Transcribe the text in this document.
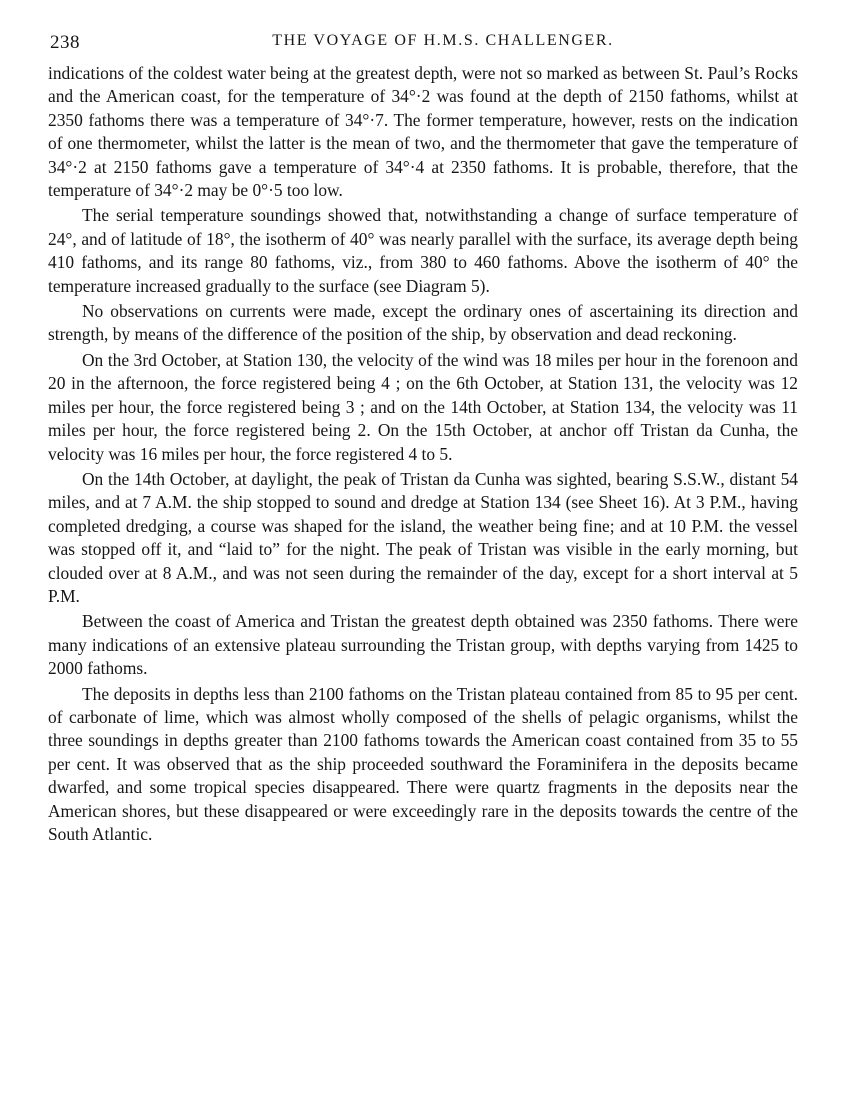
238	THE VOYAGE OF H.M.S. CHALLENGER.

indications of the coldest water being at the greatest depth, were not so marked as between St. Paul’s Rocks and the American coast, for the temperature of 34°·2 was found at the depth of 2150 fathoms, whilst at 2350 fathoms there was a temperature of 34°·7. The former temperature, however, rests on the indication of one thermometer, whilst the latter is the mean of two, and the thermometer that gave the temperature of 34°·2 at 2150 fathoms gave a temperature of 34°·4 at 2350 fathoms. It is probable, therefore, that the temperature of 34°·2 may be 0°·5 too low.

The serial temperature soundings showed that, notwithstanding a change of surface temperature of 24°, and of latitude of 18°, the isotherm of 40° was nearly parallel with the surface, its average depth being 410 fathoms, and its range 80 fathoms, viz., from 380 to 460 fathoms. Above the isotherm of 40° the temperature increased gradually to the surface (see Diagram 5).

No observations on currents were made, except the ordinary ones of ascertaining its direction and strength, by means of the difference of the position of the ship, by observation and dead reckoning.

On the 3rd October, at Station 130, the velocity of the wind was 18 miles per hour in the forenoon and 20 in the afternoon, the force registered being 4 ; on the 6th October, at Station 131, the velocity was 12 miles per hour, the force registered being 3 ; and on the 14th October, at Station 134, the velocity was 11 miles per hour, the force registered being 2. On the 15th October, at anchor off Tristan da Cunha, the velocity was 16 miles per hour, the force registered 4 to 5.

On the 14th October, at daylight, the peak of Tristan da Cunha was sighted, bearing S.S.W., distant 54 miles, and at 7 A.M. the ship stopped to sound and dredge at Station 134 (see Sheet 16). At 3 P.M., having completed dredging, a course was shaped for the island, the weather being fine; and at 10 P.M. the vessel was stopped off it, and “laid to” for the night. The peak of Tristan was visible in the early morning, but clouded over at 8 A.M., and was not seen during the remainder of the day, except for a short interval at 5 P.M.

Between the coast of America and Tristan the greatest depth obtained was 2350 fathoms. There were many indications of an extensive plateau surrounding the Tristan group, with depths varying from 1425 to 2000 fathoms.

The deposits in depths less than 2100 fathoms on the Tristan plateau contained from 85 to 95 per cent. of carbonate of lime, which was almost wholly composed of the shells of pelagic organisms, whilst the three soundings in depths greater than 2100 fathoms towards the American coast contained from 35 to 55 per cent. It was observed that as the ship proceeded southward the Foraminifera in the deposits became dwarfed, and some tropical species disappeared. There were quartz fragments in the deposits near the American shores, but these disappeared or were exceedingly rare in the deposits towards the centre of the South Atlantic.
